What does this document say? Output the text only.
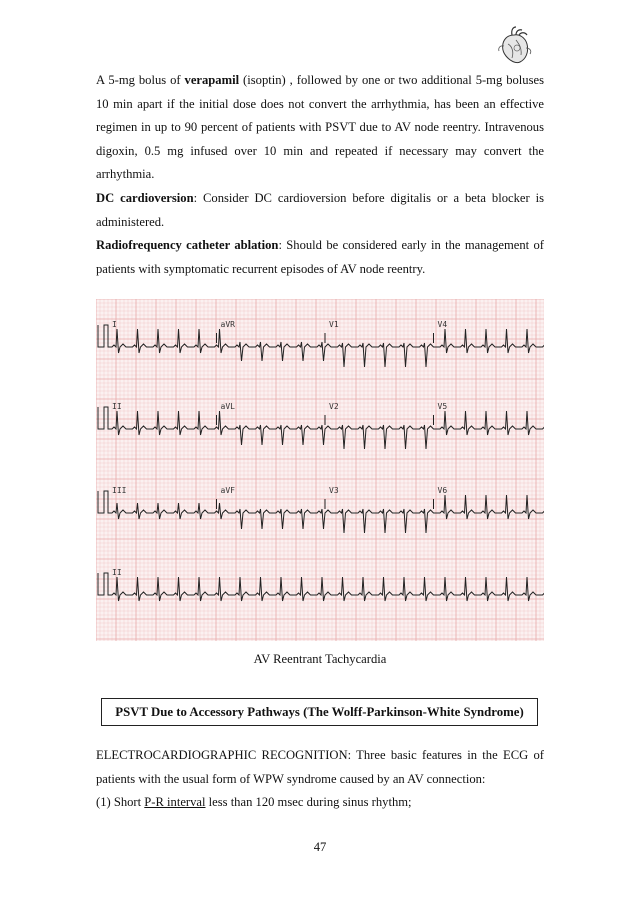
A 5-mg bolus of verapamil (isoptin) , followed by one or two additional 5-mg boluses 10 min apart if the initial dose does not convert the arrhythmia, has been an effective regimen in up to 90 percent of patients with PSVT due to AV node reentry. Intravenous digoxin, 0.5 mg infused over 10 min and repeated if necessary may convert the arrhythmia.

DC cardioversion: Consider DC cardioversion before digitalis or a beta blocker is administered.

Radiofrequency catheter ablation: Should be considered early in the management of patients with symptomatic recurrent episodes of AV node reentry.

I	aVR	V1	V4
II	aVL	V2	V5
III	aVF	V3	V6
II
AV Reentrant Tachycardia
PSVT Due to Accessory Pathways (The Wolff-Parkinson-White Syndrome)

ELECTROCARDIOGRAPHIC RECOGNITION: Three basic features in the ECG of patients with the usual form of WPW syndrome caused by an AV connection:

(1) Short P-R interval less than 120 msec during sinus rhythm;

47
